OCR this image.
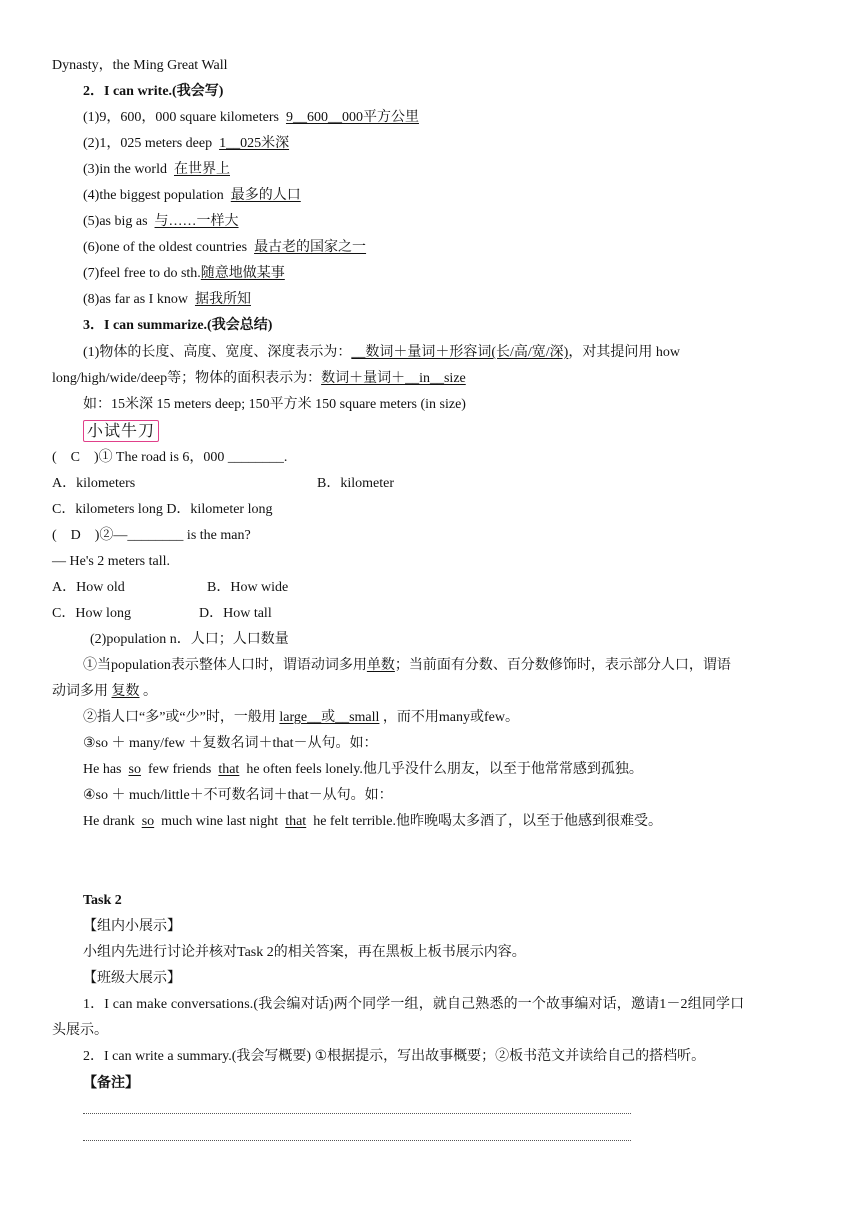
Dynasty，the Ming Great Wall
2．I can write.(我会写)
(1)9，600，000 square kilometers 9__600__000平方公里
(2)1，025 meters deep 1__025米深
(3)in the world 在世界上
(4)the biggest population 最多的人口
(5)as big as 与……一样大
(6)one of the oldest countries 最古老的国家之一
(7)feel free to do sth.随意地做某事
(8)as far as I know 据我所知
3．I can summarize.(我会总结)
(1)物体的长度、高度、宽度、深度表示为：__数词＋量词＋形容词(长/高/宽/深)，对其提问用 how
long/high/wide/deep等；物体的面积表示为：数词＋量词＋__in__size
如：15米深 15 meters deep; 150平方米 150 square meters (in size)
小试牛刀
(　C　)① The road is 6，000 ________.
A．kilometers	B．kilometer
C．kilometers long D．kilometer long
(　D　)②—________ is the man?
— He's 2 meters tall.
A．How old	B．How wide
C．How long	D．How tall
(2)population n．人口；人口数量
①当population表示整体人口时，谓语动词多用单数；当前面有分数、百分数修饰时，表示部分人口，谓语
动词多用 复数 。
②指人口“多”或“少”时，一般用 large__或__small ，而不用many或few。
③so ＋ many/few ＋复数名词＋that－从句。如：
He has so few friends that he often feels lonely.他几乎没什么朋友，以至于他常常感到孤独。
④so ＋ much/little＋不可数名词＋that－从句。如：
He drank so much wine last night that he felt terrible.他昨晚喝太多酒了，以至于他感到很难受。
Task 2
【组内小展示】
小组内先进行讨论并核对Task 2的相关答案，再在黑板上板书展示内容。
【班级大展示】
1．I can make conversations.(我会编对话)两个同学一组，就自己熟悉的一个故事编对话，邀请1－2组同学口
头展示。
2．I can write a summary.(我会写概要) ①根据提示，写出故事概要；②板书范文并读给自己的搭档听。
【备注】
